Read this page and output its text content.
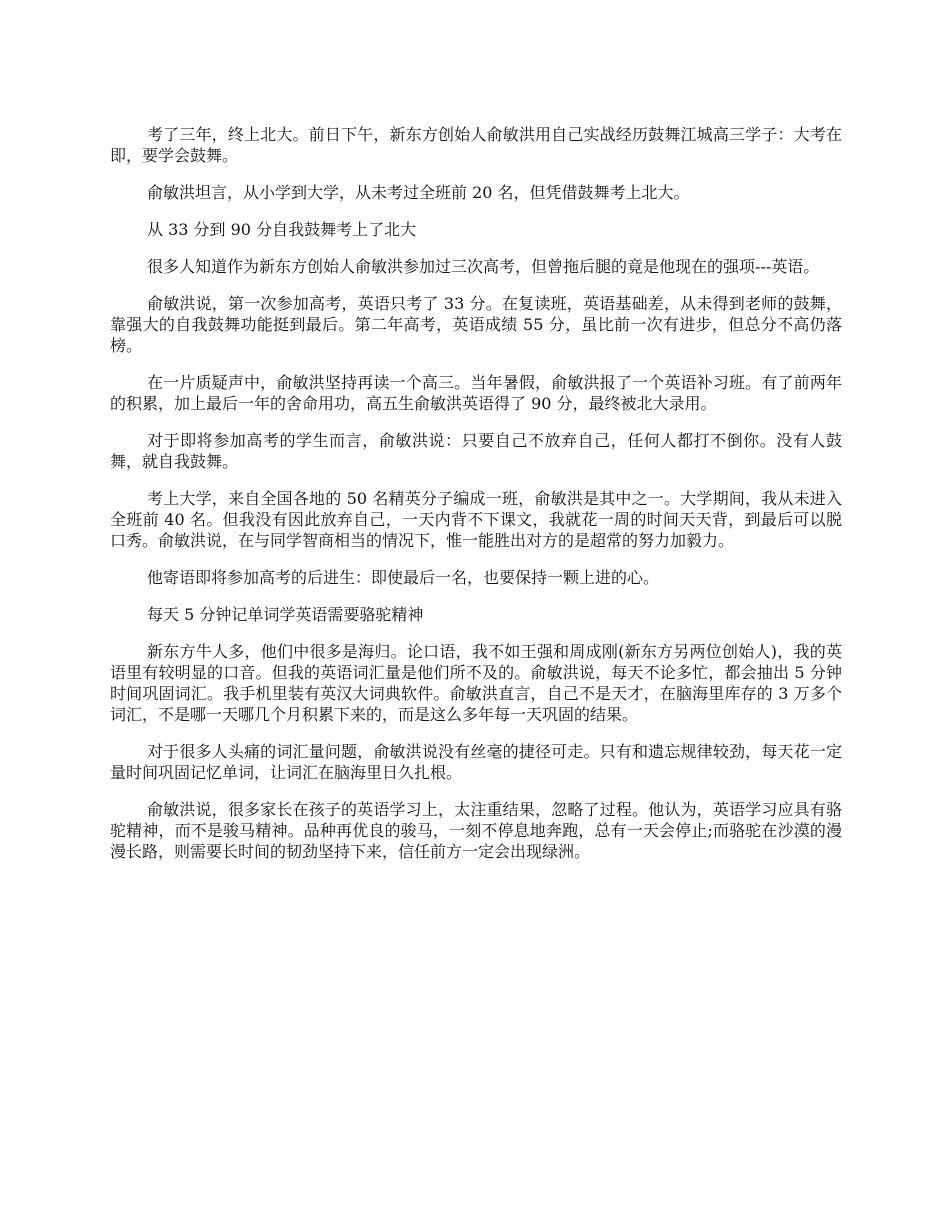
考了三年，终上北大。前日下午，新东方创始人俞敏洪用自己实战经历鼓舞江城高三学子：大考在即，要学会鼓舞。

俞敏洪坦言，从小学到大学，从未考过全班前 20 名，但凭借鼓舞考上北大。

从 33 分到 90 分自我鼓舞考上了北大

很多人知道作为新东方创始人俞敏洪参加过三次高考，但曾拖后腿的竟是他现在的强项---英语。

俞敏洪说，第一次参加高考，英语只考了 33 分。在复读班，英语基础差，从未得到老师的鼓舞，靠强大的自我鼓舞功能挺到最后。第二年高考，英语成绩 55 分，虽比前一次有进步，但总分不高仍落榜。

在一片质疑声中，俞敏洪坚持再读一个高三。当年暑假，俞敏洪报了一个英语补习班。有了前两年的积累，加上最后一年的舍命用功，高五生俞敏洪英语得了 90 分，最终被北大录用。

对于即将参加高考的学生而言，俞敏洪说：只要自己不放弃自己，任何人都打不倒你。没有人鼓舞，就自我鼓舞。

考上大学，来自全国各地的 50 名精英分子编成一班，俞敏洪是其中之一。大学期间，我从未进入全班前 40 名。但我没有因此放弃自己，一天内背不下课文，我就花一周的时间天天背，到最后可以脱口秀。俞敏洪说，在与同学智商相当的情况下，惟一能胜出对方的是超常的努力加毅力。

他寄语即将参加高考的后进生：即使最后一名，也要保持一颗上进的心。

每天 5 分钟记单词学英语需要骆驼精神

新东方牛人多，他们中很多是海归。论口语，我不如王强和周成刚(新东方另两位创始人)，我的英语里有较明显的口音。但我的英语词汇量是他们所不及的。俞敏洪说，每天不论多忙，都会抽出 5 分钟时间巩固词汇。我手机里装有英汉大词典软件。俞敏洪直言，自己不是天才，在脑海里库存的 3 万多个词汇，不是哪一天哪几个月积累下来的，而是这么多年每一天巩固的结果。

对于很多人头痛的词汇量问题，俞敏洪说没有丝毫的捷径可走。只有和遗忘规律较劲，每天花一定量时间巩固记忆单词，让词汇在脑海里日久扎根。

俞敏洪说，很多家长在孩子的英语学习上，太注重结果，忽略了过程。他认为，英语学习应具有骆驼精神，而不是骏马精神。品种再优良的骏马，一刻不停息地奔跑，总有一天会停止;而骆驼在沙漠的漫漫长路，则需要长时间的韧劲坚持下来，信任前方一定会出现绿洲。
